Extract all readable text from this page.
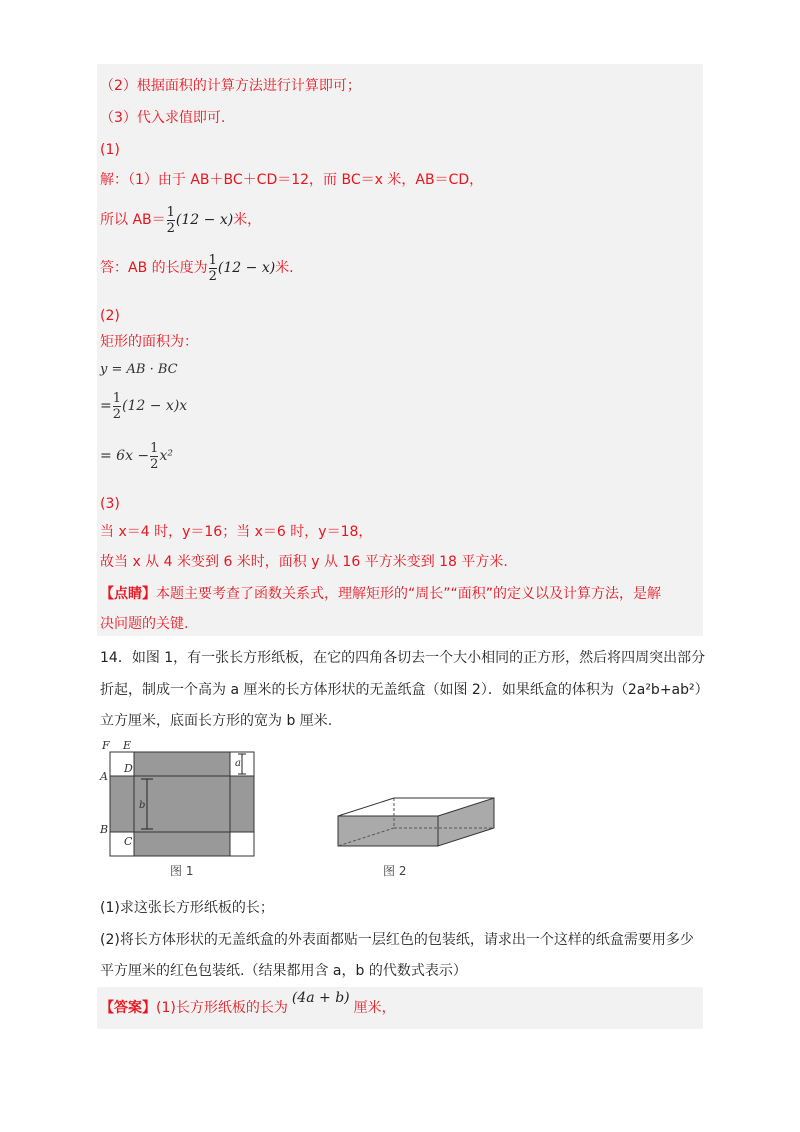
（2）根据面积的计算方法进行计算即可；
（3）代入求值即可.
(1)
解：（1）由于 AB＋BC＋CD＝12，而 BC＝x 米，AB＝CD，
所以 $AB= \frac{1}{2} (12 - x)$ 米，
答：AB 的长度为 $\frac{1}{2} (12 - x)$ 米.
(2)
矩形的面积为：
y = AB · BC
= $\frac{1}{2} (12 - x)x$
= $6x - \frac{1}{2} x^2$
(3)
当 x＝4 时，y＝16；当 x＝6 时，y＝18，
故当 x 从 4 米变到 6 米时，面积 y 从 16 平方米变到 18 平方米.
【点睛】本题主要考查了函数关系式，理解矩形的“周长”“面积”的定义以及计算方法，是解
决问题的关键.
14．如图 1，有一张长方形纸板，在它的四角各切去一个大小相同的正方形，然后将四周突出部分
折起，制成一个高为 a 厘米的长方体形状的无盖纸盒（如图 2）．如果纸盒的体积为（2a²b+ab²）
立方厘米，底面长方形的宽为 b 厘米.
F E
A
D
B
C
a
b
图 1	图 2
(1)求这张长方形纸板的长；
(2)将长方体形状的无盖纸盒的外表面都贴一层红色的包装纸，请求出一个这样的纸盒需要用多少
平方厘米的红色包装纸.（结果都用含 a，b 的代数式表示）
【答案】 (1)长方形纸板的长为
(4a + b)
厘米，
